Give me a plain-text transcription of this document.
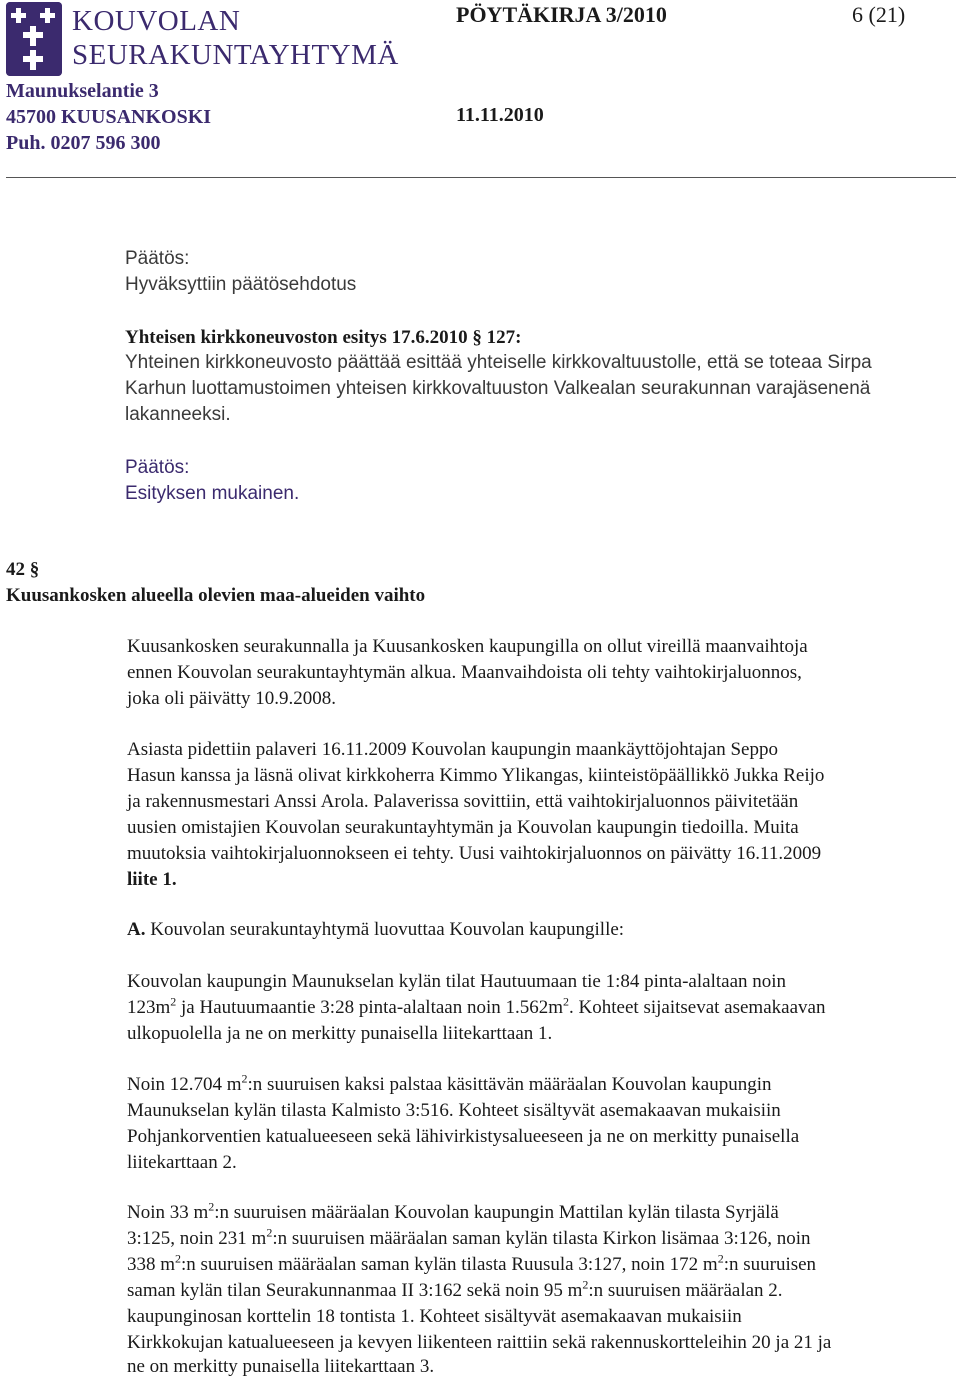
KOUVOLAN
SEURAKUNTAYHTYMÄ
Maunukselantie 3
45700 KUUSANKOSKI
Puh. 0207 596 300
PÖYTÄKIRJA 3/2010	6 (21)
11.11.2010
Päätös:
Hyväksyttiin päätösehdotus
Yhteisen kirkkoneuvoston esitys 17.6.2010 § 127:
Yhteinen kirkkoneuvosto päättää esittää yhteiselle kirkkovaltuustolle, että se toteaa Sirpa
Karhun luottamustoimen yhteisen kirkkovaltuuston Valkealan seurakunnan varajäsenenä
lakanneeksi.
Päätös:
Esityksen mukainen.
42 §
Kuusankosken alueella olevien maa-alueiden vaihto
Kuusankosken seurakunnalla ja Kuusankosken kaupungilla on ollut vireillä maanvaihtoja
ennen Kouvolan seurakuntayhtymän alkua. Maanvaihdoista oli tehty vaihtokirjaluonnos,
joka oli päivätty 10.9.2008.
Asiasta pidettiin palaveri 16.11.2009 Kouvolan kaupungin maankäyttöjohtajan Seppo
Hasun kanssa ja läsnä olivat kirkkoherra Kimmo Ylikangas, kiinteistöpäällikkö Jukka Reijo
ja rakennusmestari Anssi Arola. Palaverissa sovittiin, että vaihtokirjaluonnos päivitetään
uusien omistajien Kouvolan seurakuntayhtymän ja Kouvolan kaupungin tiedoilla. Muita
muutoksia vaihtokirjaluonnokseen ei tehty. Uusi vaihtokirjaluonnos on päivätty 16.11.2009
liite 1.
A. Kouvolan seurakuntayhtymä luovuttaa Kouvolan kaupungille:
Kouvolan kaupungin Maunukselan kylän tilat Hautuumaan tie 1:84 pinta-alaltaan noin
$123m^2$ ja Hautuumaantie 3:28 pinta-alaltaan noin $1.562m^2$. Kohteet sijaitsevat asemakaavan
ulkopuolella ja ne on merkitty punaisella liitekarttaan 1.
Noin 12.704 $m^2:n$ suuruisen kaksi palstaa käsittävän määräalan Kouvolan kaupungin
Maunukselan kylän tilasta Kalmisto 3:516. Kohteet sisältyvät asemakaavan mukaisiin
Pohjankorventien katualueeseen sekä lähivirkistysalueeseen ja ne on merkitty punaisella
liitekarttaan 2.
Noin 33 $m^2:n$ suuruisen määräalan Kouvolan kaupungin Mattilan kylän tilasta Syrjälä
3:125, noin 231 $m^2:n$ suuruisen määräalan saman kylän tilasta Kirkon lisämaa 3:126, noin
338 $m^2:n$ suuruisen määräalan saman kylän tilasta Ruusula 3:127, noin 172 $m^2:n$ suuruisen
saman kylän tilan Seurakunnanmaa II 3:162 sekä noin 95 $m^2:n$ suuruisen määräalan 2.
kaupunginosan korttelin 18 tontista 1. Kohteet sisältyvät asemakaavan mukaisiin
Kirkkokujan katualueeseen ja kevyen liikenteen raittiin sekä rakennuskortteleihin 20 ja 21 ja
ne on merkitty punaisella liitekarttaan 3.
